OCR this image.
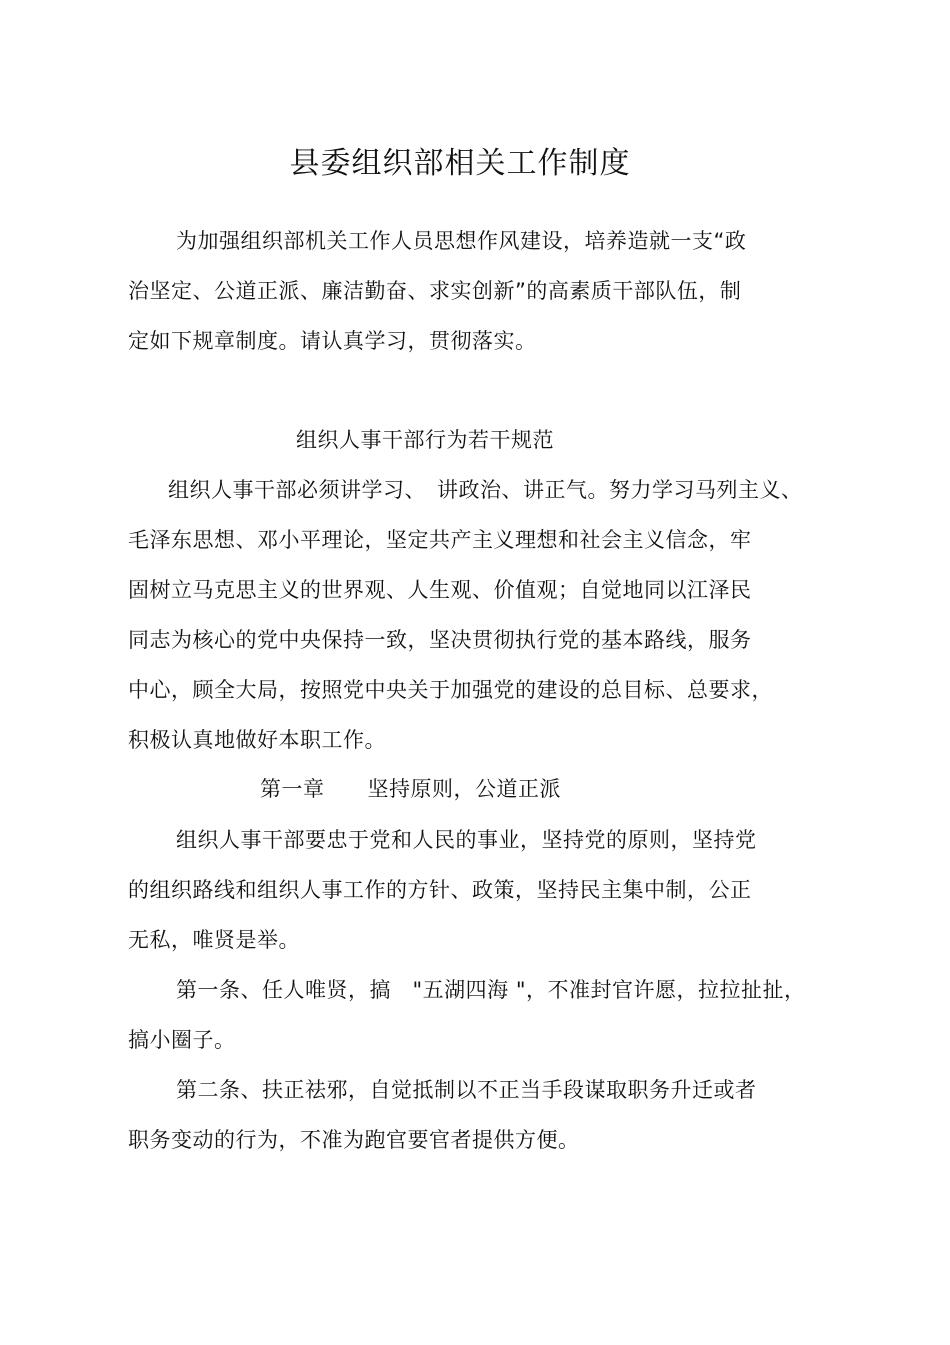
县委组织部相关工作制度
为加强组织部机关工作人员思想作风建设，培养造就一支“政
治坚定、公道正派、廉洁勤奋、求实创新”的高素质干部队伍，制
定如下规章制度。请认真学习，贯彻落实。
组织人事干部行为若干规范
组织人事干部必须讲学习、　讲政治、讲正气。努力学习马列主义、
毛泽东思想、邓小平理论，坚定共产主义理想和社会主义信念，牢
固树立马克思主义的世界观、人生观、价值观；自觉地同以江泽民
同志为核心的党中央保持一致，坚决贯彻执行党的基本路线，服务
中心，顾全大局，按照党中央关于加强党的建设的总目标、总要求，
积极认真地做好本职工作。
第一章　　坚持原则，公道正派
组织人事干部要忠于党和人民的事业，坚持党的原则，坚持党
的组织路线和组织人事工作的方针、政策，坚持民主集中制，公正
无私，唯贤是举。
第一条、任人唯贤，搞　"五湖四海 "，不准封官许愿，拉拉扯扯，
搞小圈子。
第二条、扶正祛邪，自觉抵制以不正当手段谋取职务升迁或者
职务变动的行为，不准为跑官要官者提供方便。
